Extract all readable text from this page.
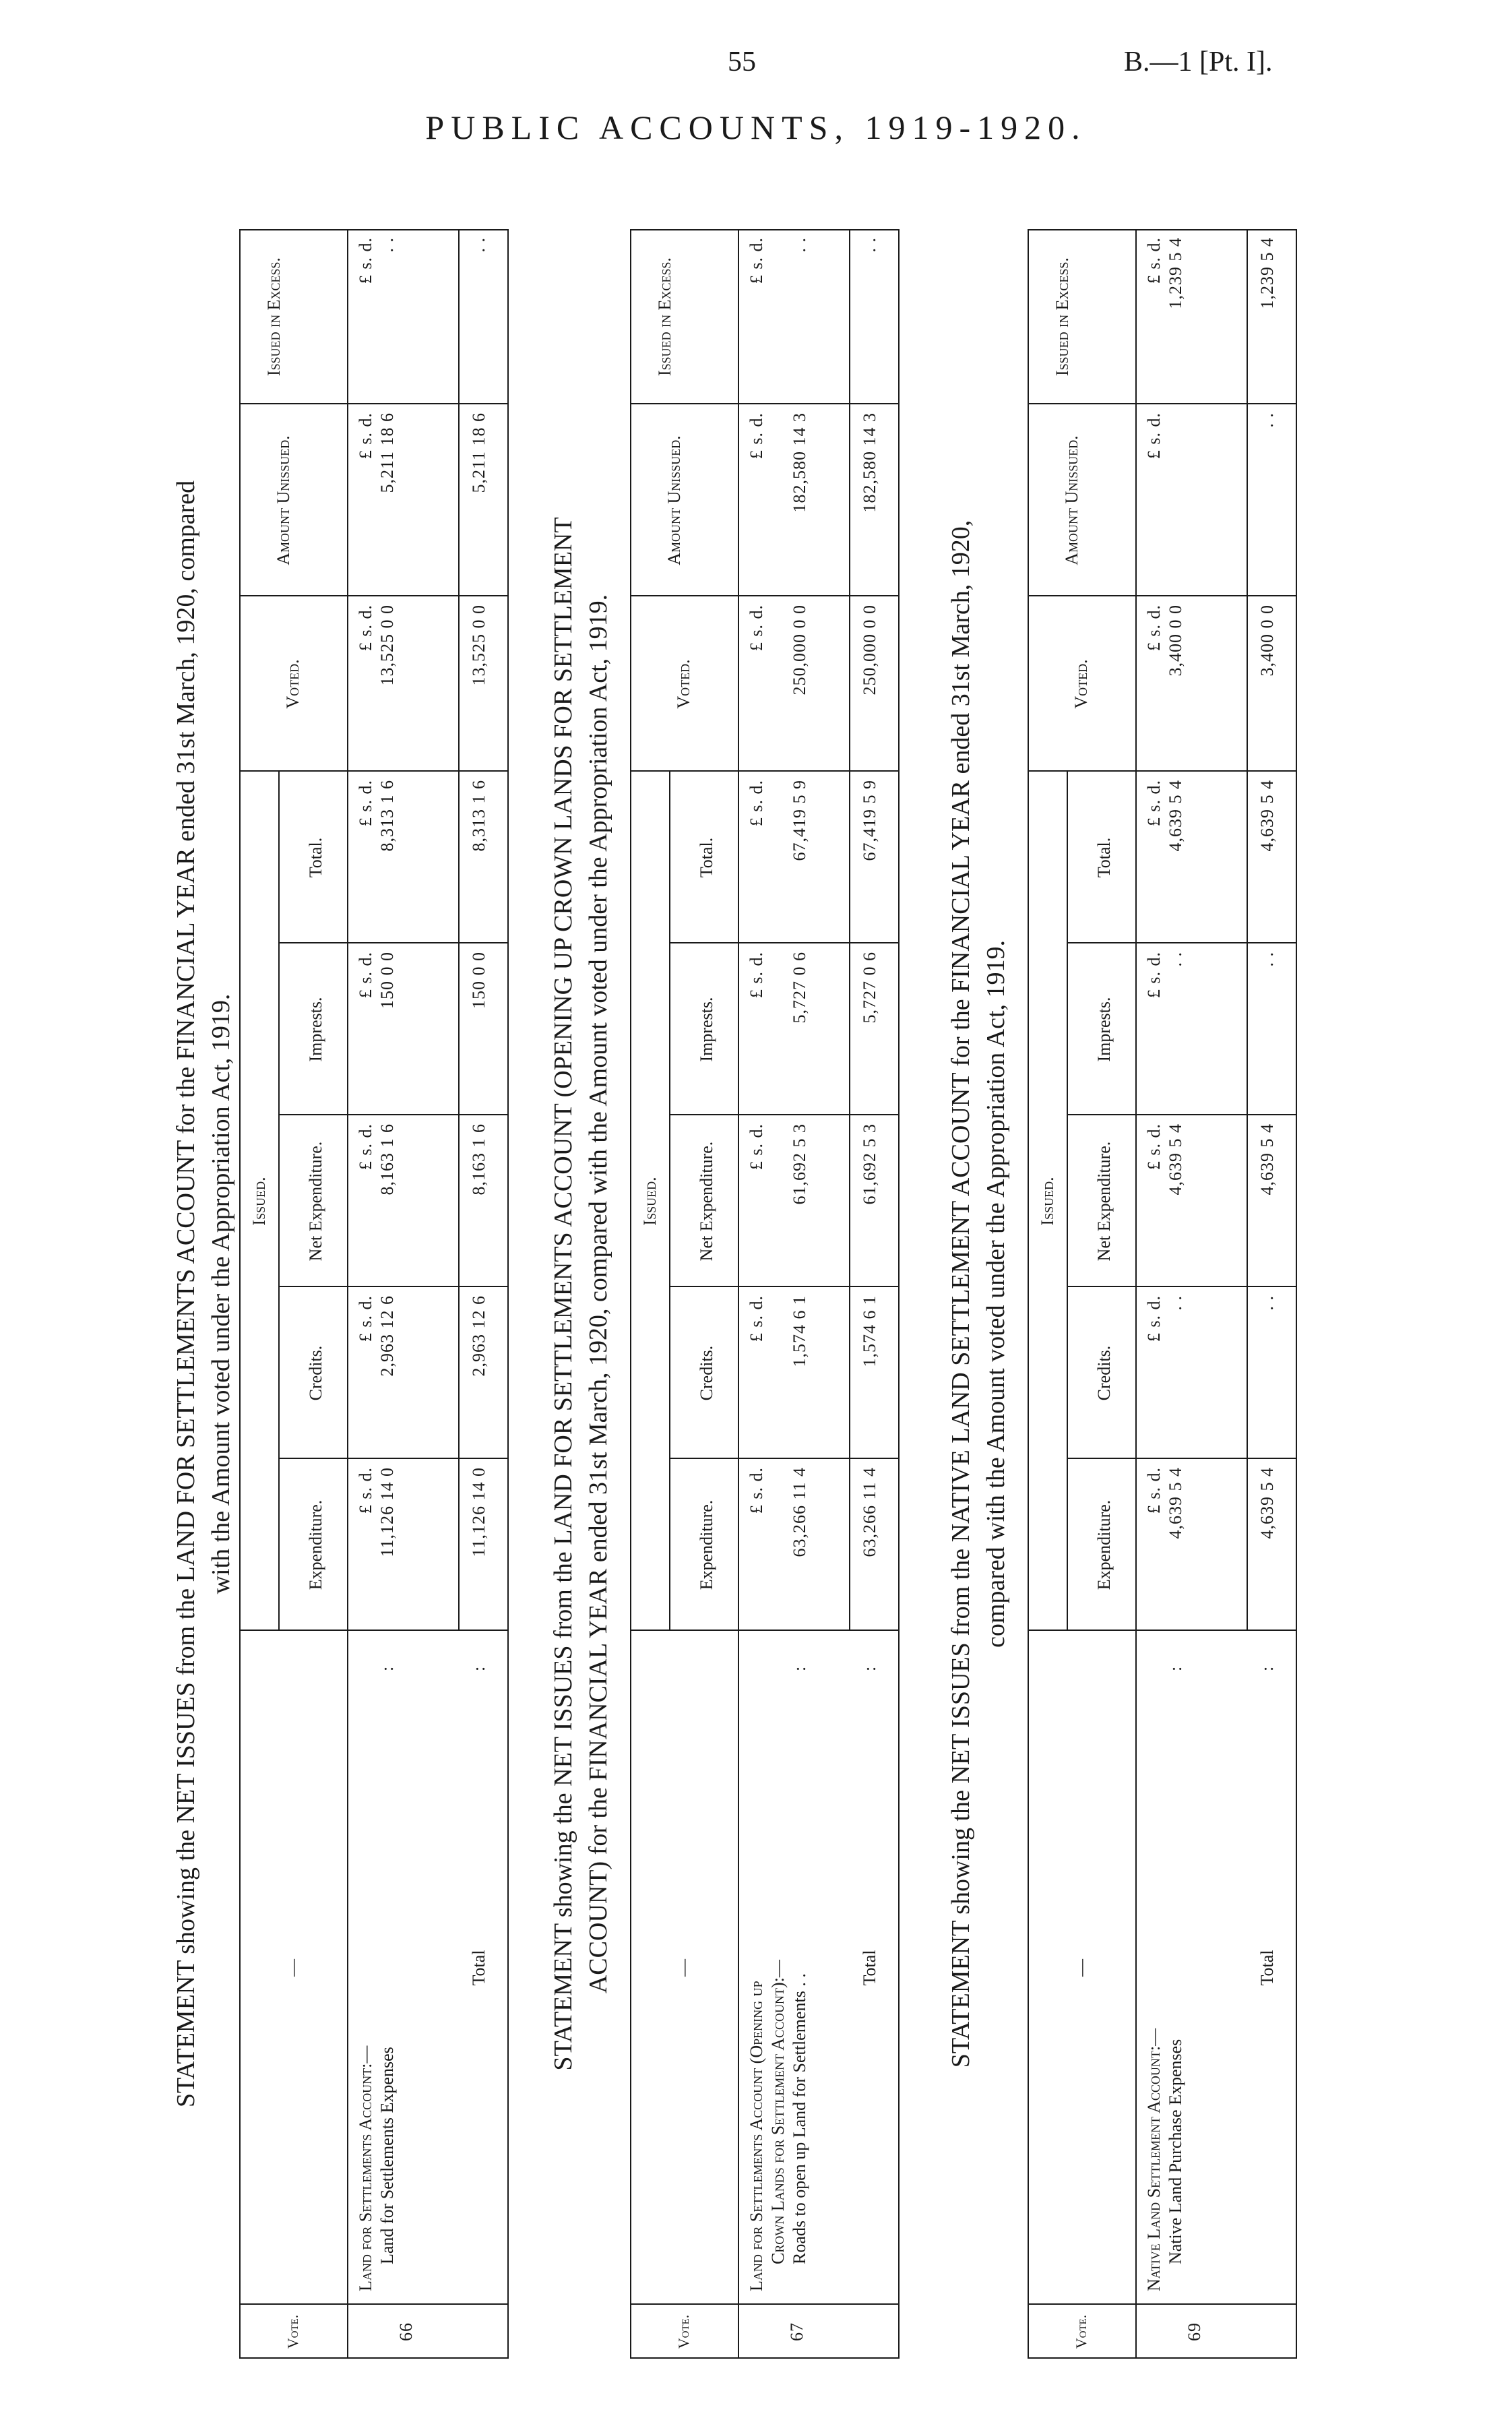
55	B.—1 [Pt. I].
PUBLIC ACCOUNTS, 1919-1920.
STATEMENT showing the NET ISSUES from the LAND FOR SETTLEMENTS ACCOUNT for the FINANCIAL YEAR ended 31st March, 1920, compared with the Amount voted under the Appropriation Act, 1919.
Vote.
—
Issued.
Expenditure.
Credits.
Net Expenditure.
Imprests.
Total.
Voted.
Amount Unissued.
Issued in Excess.
£ s. d.
£ s. d.
£ s. d.
£ s. d.
£ s. d.
£ s. d.
£ s. d.
£ s. d.
66
Land for Settlements Account:— Land for Settlements Expenses
:
11,126 14 0
2,963 12 6
8,163 1 6
150 0 0
8,313 1 6
13,525 0 0
5,211 18 6
. .
Total
:
11,126 14 0
2,963 12 6
8,163 1 6
150 0 0
8,313 1 6
13,525 0 0
5,211 18 6
. .
STATEMENT showing the NET ISSUES from the LAND FOR SETTLEMENTS ACCOUNT (OPENING UP CROWN LANDS FOR SETTLEMENT ACCOUNT) for the FINANCIAL YEAR ended 31st March, 1920, compared with the Amount voted under the Appropriation Act, 1919.
Vote.
—
Issued.
Expenditure.
Credits.
Net Expenditure.
Imprests.
Total.
Voted.
Amount Unissued.
Issued in Excess.
£ s. d.
£ s. d.
£ s. d.
£ s. d.
£ s. d.
£ s. d.
£ s. d.
£ s. d.
67
Land for Settlements Account (Opening up Crown Lands for Settlement Account):— Roads to open up Land for Settlements . .
:
63,266 11 4
1,574 6 1
61,692 5 3
5,727 0 6
67,419 5 9
250,000 0 0
182,580 14 3
. .
Total
:
63,266 11 4
1,574 6 1
61,692 5 3
5,727 0 6
67,419 5 9
250,000 0 0
182,580 14 3
. .
STATEMENT showing the NET ISSUES from the NATIVE LAND SETTLEMENT ACCOUNT for the FINANCIAL YEAR ended 31st March, 1920, compared with the Amount voted under the Appropriation Act, 1919.
Vote.
—
Issued.
Expenditure.
Credits.
Net Expenditure.
Imprests.
Total.
Voted.
Amount Unissued.
Issued in Excess.
£ s. d.
£ s. d.
£ s. d.
£ s. d.
£ s. d.
£ s. d.
£ s. d.
£ s. d.
69
Native Land Settlement Account:— Native Land Purchase Expenses
:
4,639 5 4
. .
4,639 5 4
. .
4,639 5 4
3,400 0 0
1,239 5 4
Total
:
4,639 5 4
. .
4,639 5 4
. .
4,639 5 4
3,400 0 0
. .
1,239 5 4
